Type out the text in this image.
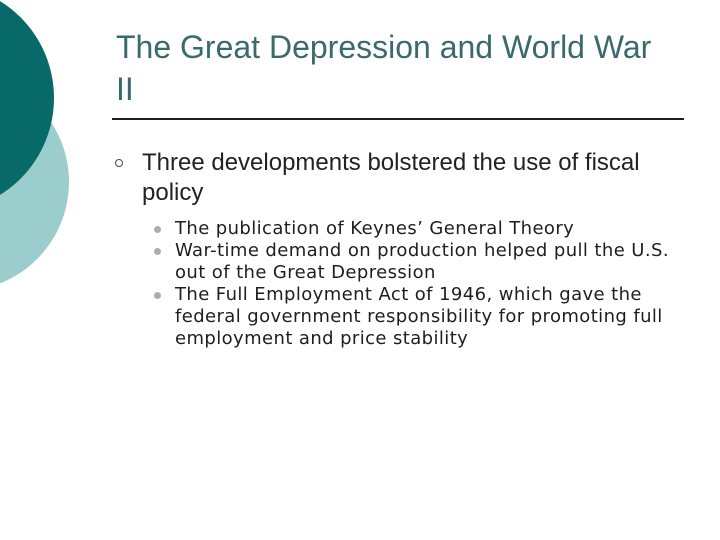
The Great Depression and World War II
Three developments bolstered the use of fiscal policy
The publication of Keynes’ General Theory
War-time demand on production helped pull the U.S. out of the Great Depression
The Full Employment Act of 1946, which gave the federal government responsibility for promoting full employment and price stability
